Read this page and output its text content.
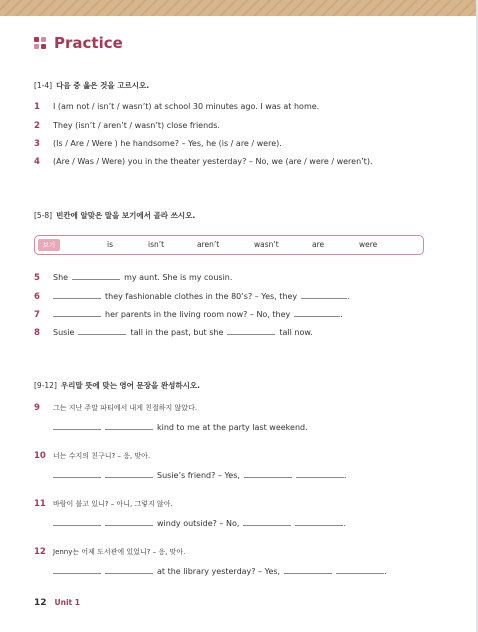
Practice
[1-4] 다음 중 옳은 것을 고르시오.
1	I (am not / isn’t / wasn’t) at school 30 minutes ago. I was at home.
2	They (isn’t / aren’t / wasn’t) close friends.
3	(Is / Are / Were ) he handsome? – Yes, he (is / are / were).
4	(Are / Was / Were) you in the theater yesterday? – No, we (are / were / weren’t).
[5-8] 빈칸에 알맞은 말을 보기에서 골라 쓰시오.
보기	is	isn’t	aren’t	wasn’t	are	were
5	She	my aunt. She is my cousin.
6	they fashionable clothes in the 80’s? – Yes, they	.
7	her parents in the living room now? – No, they	.
8	Susie	tall in the past, but she	tall now.
[9-12] 우리말 뜻에 맞는 영어 문장을 완성하시오.
9	그는 지난 주말 파티에서 내게 친절하지 않았다.
kind to me at the party last weekend.
10	너는 수지의 친구니? – 응, 맞아.
Susie’s friend? – Yes,	.
11	바람이 불고 있니? – 아니, 그렇지 않아.
windy outside? – No,	.
12	Jenny는 어제 도서관에 있었니? – 응, 맞아.
at the library yesterday? – Yes,	.
12 Unit 1
